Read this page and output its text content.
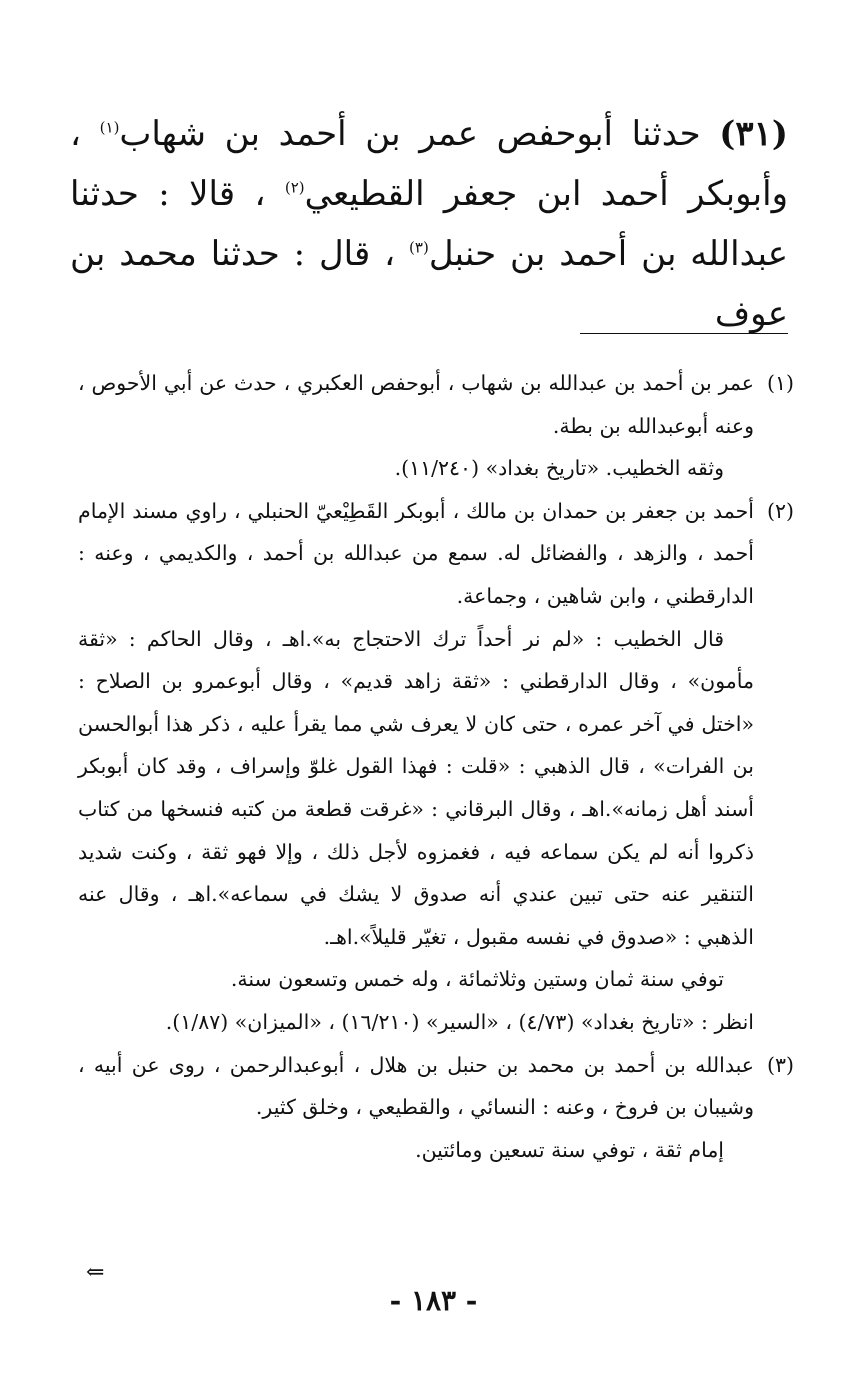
(٣١) حدثنا أبوحفص عمر بن أحمد بن شهاب$^{(١)}$ ،

وأبوبكر أحمد ابن جعفر القطيعي$^{(٢)}$ ، قالا : حدثنا

عبدالله بن أحمد بن حنبل$^{(٣)}$ ، قال : حدثنا محمد بن عوف

(١)

عمر بن أحمد بن عبدالله بن شهاب ، أبوحفص العكبري ، حدث عن أبي الأحوص ، وعنه أبوعبدالله بن بطة.

وثقه الخطيب. «تاريخ بغداد» (١١/٢٤٠).

(٢)

أحمد بن جعفر بن حمدان بن مالك ، أبوبكر القَطِيْعيّ الحنبلي ، راوي مسند الإمام أحمد ، والزهد ، والفضائل له. سمع من عبدالله بن أحمد ، والكديمي ، وعنه : الدارقطني ، وابن شاهين ، وجماعة.

قال الخطيب : «لم نر أحداً ترك الاحتجاج به».اهـ ، وقال الحاكم : «ثقة مأمون» ، وقال الدارقطني : «ثقة زاهد قديم» ، وقال أبوعمرو بن الصلاح : «اختل في آخر عمره ، حتى كان لا يعرف شي مما يقرأ عليه ، ذكر هذا أبوالحسن بن الفرات» ، قال الذهبي : «قلت : فهذا القول غلوّ وإسراف ، وقد كان أبوبكر أسند أهل زمانه».اهـ ، وقال البرقاني : «غرقت قطعة من كتبه فنسخها من كتاب ذكروا أنه لم يكن سماعه فيه ، فغمزوه لأجل ذلك ، وإلا فهو ثقة ، وكنت شديد التنقير عنه حتى تبين عندي أنه صدوق لا يشك في سماعه».اهـ ، وقال عنه الذهبي : «صدوق في نفسه مقبول ، تغيّر قليلاً».اهـ.

توفي سنة ثمان وستين وثلاثمائة ، وله خمس وتسعون سنة.

انظر : «تاريخ بغداد» (٤/٧٣) ، «السير» (١٦/٢١٠) ، «الميزان» (١/٨٧).

(٣)

عبدالله بن أحمد بن محمد بن حنبل بن هلال ، أبوعبدالرحمن ، روى عن أبيه ، وشيبان بن فروخ ، وعنه : النسائي ، والقطيعي ، وخلق كثير.

إمام ثقة ، توفي سنة تسعين ومائتين.

⇐
- ١٨٣ -
